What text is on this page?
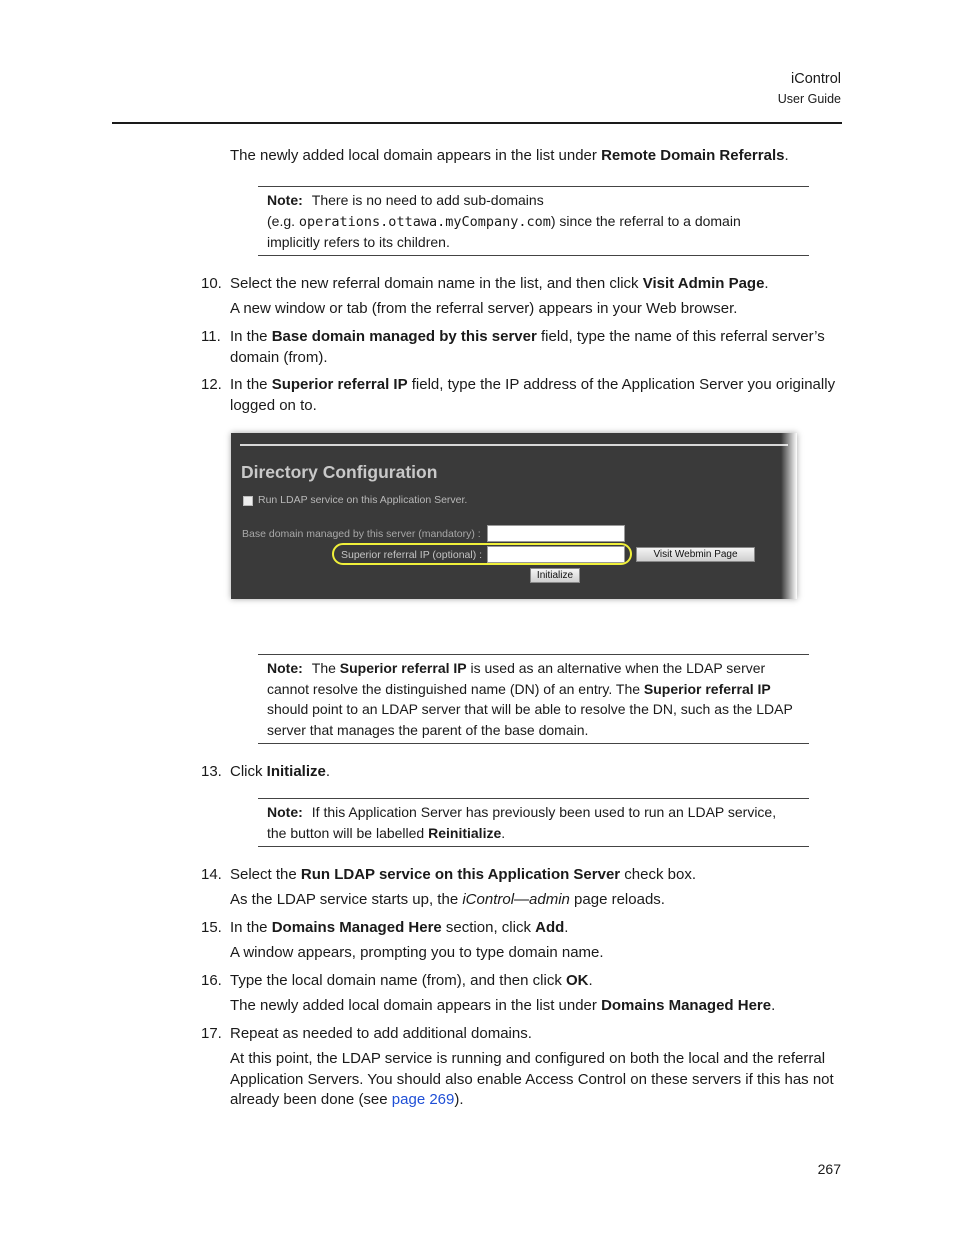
iControl
User Guide
The newly added local domain appears in the list under Remote Domain Referrals.
Note: There is no need to add sub-domains
(e.g. operations.ottawa.myCompany.com) since the referral to a domain
implicitly refers to its children.
10. Select the new referral domain name in the list, and then click Visit Admin Page.
A new window or tab (from the referral server) appears in your Web browser.
11. In the Base domain managed by this server field, type the name of this referral server’s
domain (from).
12. In the Superior referral IP field, type the IP address of the Application Server you originally
logged on to.
Directory Configuration
Run LDAP service on this Application Server.
Base domain managed by this server (mandatory) :
Superior referral IP (optional) :	Visit Webmin Page
Initialize
Note: The Superior referral IP is used as an alternative when the LDAP server
cannot resolve the distinguished name (DN) of an entry. The Superior referral IP
should point to an LDAP server that will be able to resolve the DN, such as the LDAP
server that manages the parent of the base domain.
13. Click Initialize.
Note: If this Application Server has previously been used to run an LDAP service,
the button will be labelled Reinitialize.
14. Select the Run LDAP service on this Application Server check box.
As the LDAP service starts up, the iControl—admin page reloads.
15. In the Domains Managed Here section, click Add.
A window appears, prompting you to type domain name.
16. Type the local domain name (from), and then click OK.
The newly added local domain appears in the list under Domains Managed Here.
17. Repeat as needed to add additional domains.
At this point, the LDAP service is running and configured on both the local and the referral
Application Servers. You should also enable Access Control on these servers if this has not
already been done (see page 269).
267
